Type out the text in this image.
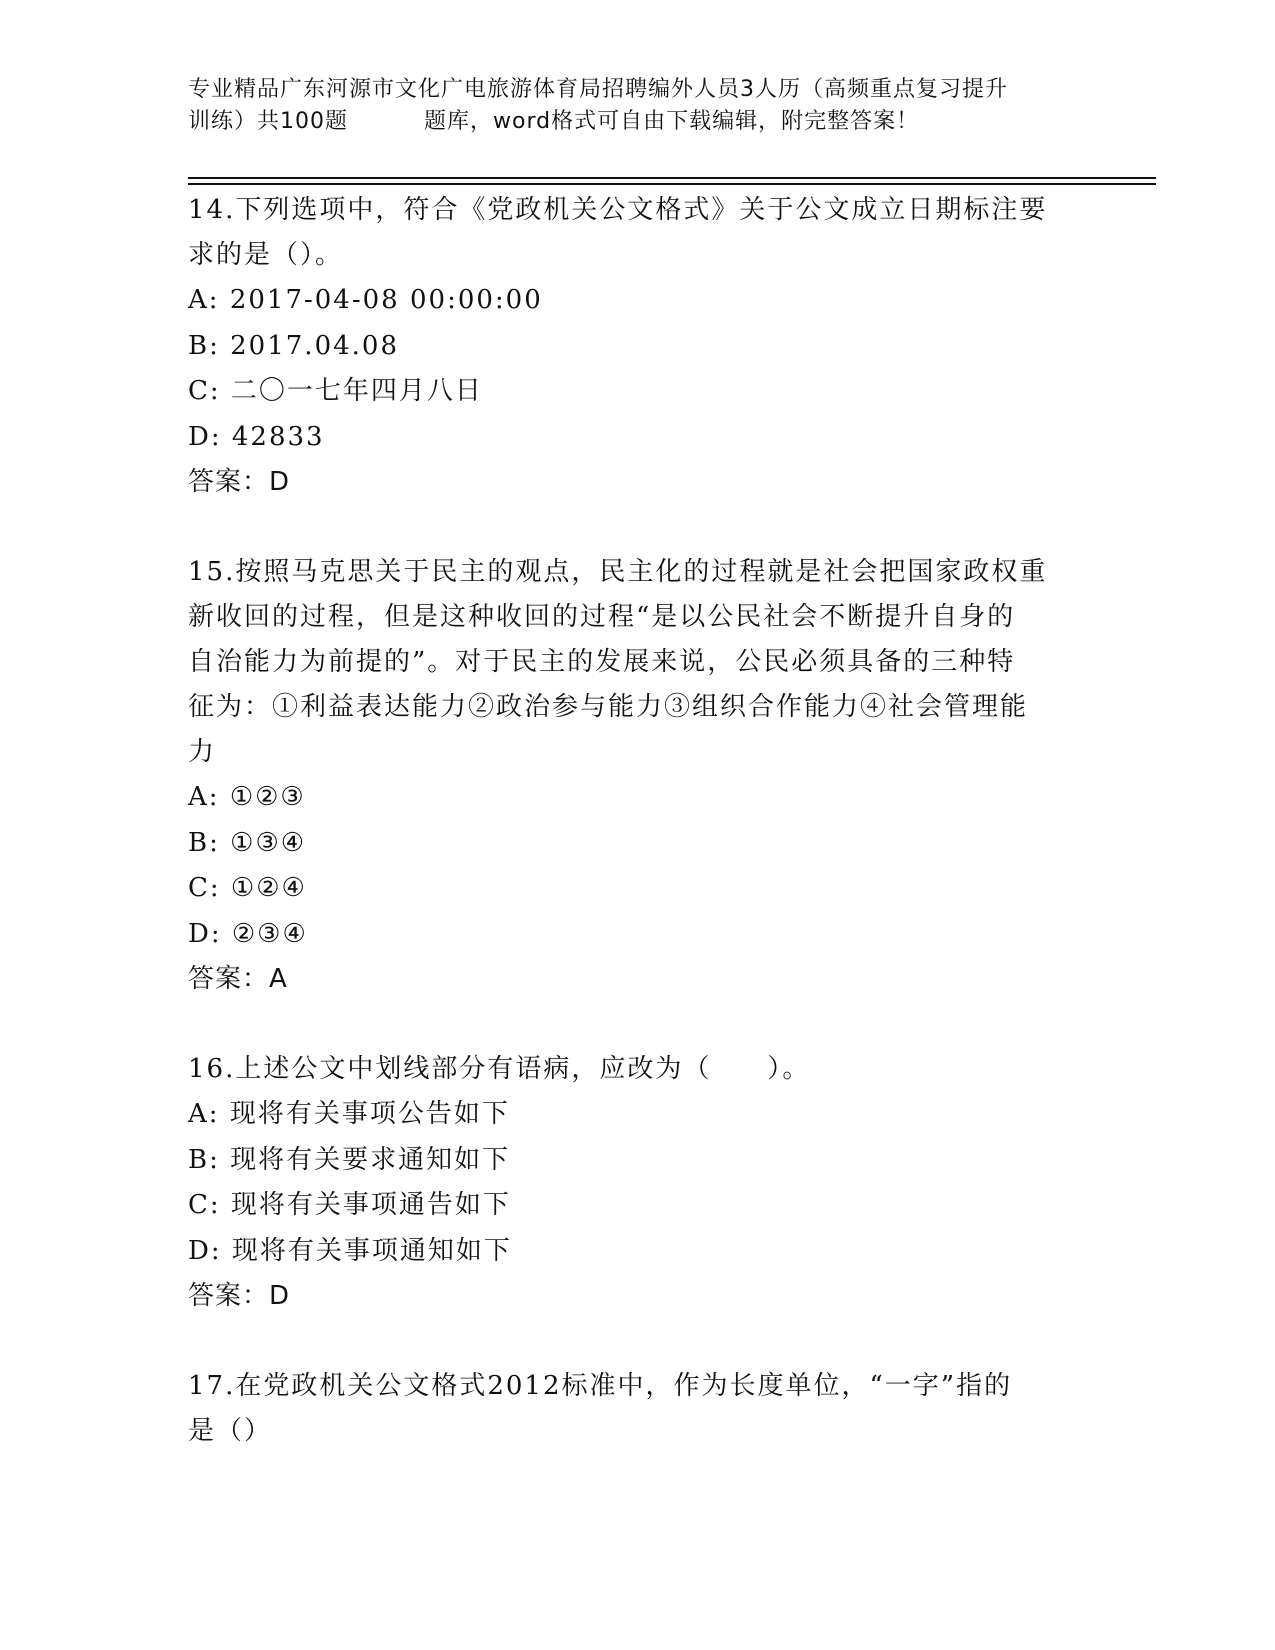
专业精品广东河源市文化广电旅游体育局招聘编外人员3人历（高频重点复习提升
训练）共100题	题库，word格式可自由下载编辑，附完整答案！

14.下列选项中，符合《党政机关公文格式》关于公文成立日期标注要
求的是（）。

A: 2017-04-08 00:00:00

B: 2017.04.08

C: 二〇一七年四月八日

D: 42833

答案：D

15.按照马克思关于民主的观点，民主化的过程就是社会把国家政权重
新收回的过程，但是这种收回的过程“是以公民社会不断提升自身的
自治能力为前提的”。对于民主的发展来说，公民必须具备的三种特
征为：①利益表达能力②政治参与能力③组织合作能力④社会管理能
力

A: ①②③

B: ①③④

C: ①②④

D: ②③④

答案：A

16.上述公文中划线部分有语病，应改为（　　）。

A: 现将有关事项公告如下

B: 现将有关要求通知如下

C: 现将有关事项通告如下

D: 现将有关事项通知如下

答案：D

17.在党政机关公文格式2012标准中，作为长度单位，“一字”指的
是（）
